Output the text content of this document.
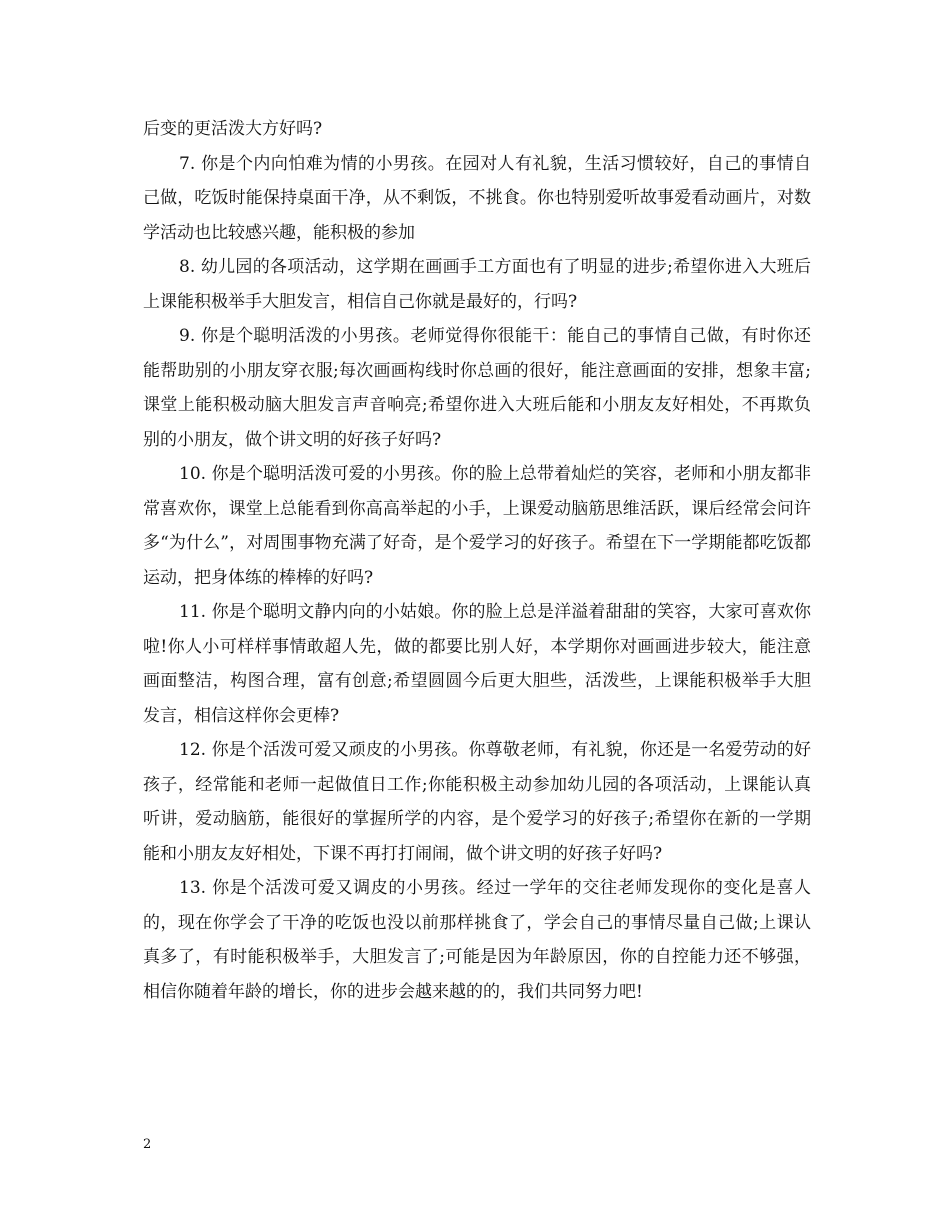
后变的更活泼大方好吗?

7. 你是个内向怕难为情的小男孩。在园对人有礼貌，生活习惯较好，自己的事情自己做，吃饭时能保持桌面干净，从不剩饭，不挑食。你也特别爱听故事爱看动画片，对数学活动也比较感兴趣，能积极的参加

8. 幼儿园的各项活动，这学期在画画手工方面也有了明显的进步;希望你进入大班后上课能积极举手大胆发言，相信自己你就是最好的，行吗?

9. 你是个聪明活泼的小男孩。老师觉得你很能干：能自己的事情自己做，有时你还能帮助别的小朋友穿衣服;每次画画构线时你总画的很好，能注意画面的安排，想象丰富;课堂上能积极动脑大胆发言声音响亮;希望你进入大班后能和小朋友友好相处，不再欺负别的小朋友，做个讲文明的好孩子好吗?

10. 你是个聪明活泼可爱的小男孩。你的脸上总带着灿烂的笑容，老师和小朋友都非常喜欢你，课堂上总能看到你高高举起的小手，上课爱动脑筋思维活跃，课后经常会问许多“为什么”，对周围事物充满了好奇，是个爱学习的好孩子。希望在下一学期能都吃饭都运动，把身体练的棒棒的好吗?

11. 你是个聪明文静内向的小姑娘。你的脸上总是洋溢着甜甜的笑容，大家可喜欢你啦!你人小可样样事情敢超人先，做的都要比别人好，本学期你对画画进步较大，能注意画面整洁，构图合理，富有创意;希望圆圆今后更大胆些，活泼些，上课能积极举手大胆发言，相信这样你会更棒?

12. 你是个活泼可爱又顽皮的小男孩。你尊敬老师，有礼貌，你还是一名爱劳动的好孩子，经常能和老师一起做值日工作;你能积极主动参加幼儿园的各项活动，上课能认真听讲，爱动脑筋，能很好的掌握所学的内容，是个爱学习的好孩子;希望你在新的一学期能和小朋友友好相处，下课不再打打闹闹，做个讲文明的好孩子好吗?

13. 你是个活泼可爱又调皮的小男孩。经过一学年的交往老师发现你的变化是喜人的，现在你学会了干净的吃饭也没以前那样挑食了，学会自己的事情尽量自己做;上课认真多了，有时能积极举手，大胆发言了;可能是因为年龄原因，你的自控能力还不够强，相信你随着年龄的增长，你的进步会越来越的的，我们共同努力吧!

2
